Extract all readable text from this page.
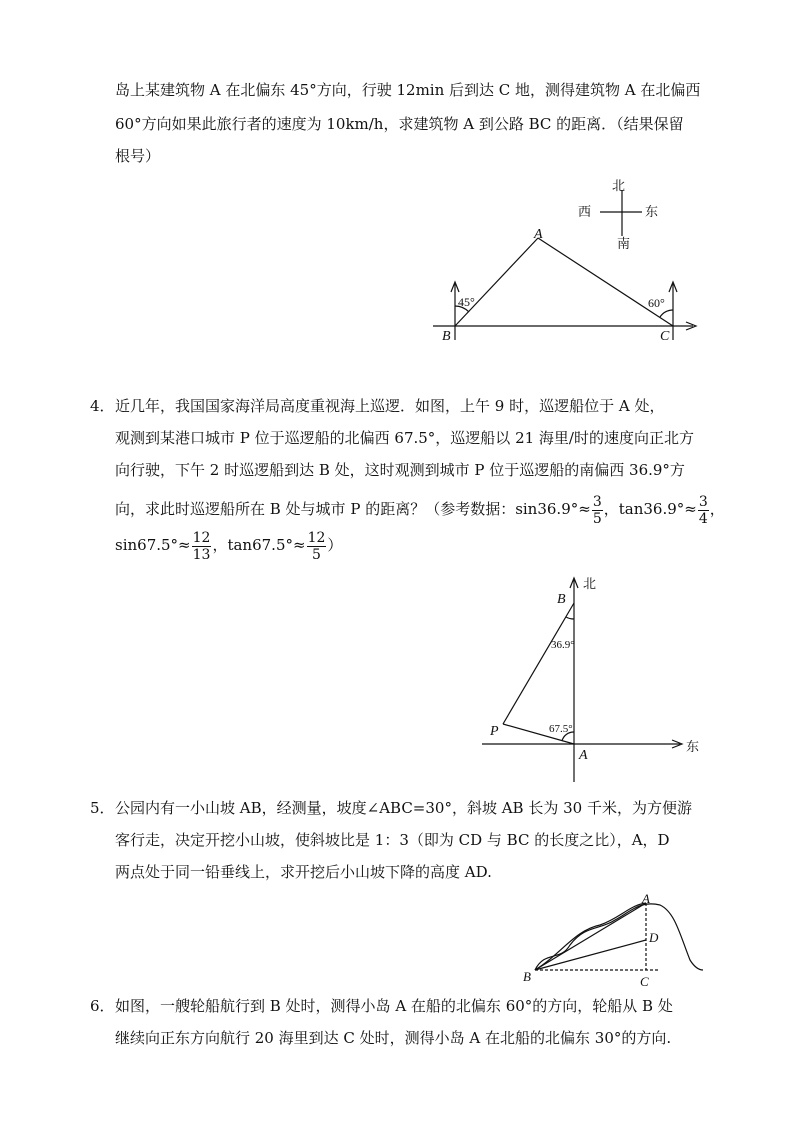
岛上某建筑物 A 在北偏东 45°方向，行驶 12min 后到达 C 地，测得建筑物 A 在北偏西
60°方向如果此旅行者的速度为 10km/h，求建筑物 A 到公路 BC 的距离．（结果保留
根号）
北
西	东
南
A
B	C
45°	60°
4． 近几年，我国国家海洋局高度重视海上巡逻．如图，上午 9 时，巡逻船位于 A 处，
观测到某港口城市 P 位于巡逻船的北偏西 67.5°，巡逻船以 21 海里/时的速度向正北方
向行驶，下午 2 时巡逻船到达 B 处，这时观测到城市 P 位于巡逻船的南偏西 36.9°方
向，求此时巡逻船所在 B 处与城市 P 的距离？（参考数据：$\sin 36.9^\circ\approx \frac{3}{5}$ ，$\tan 36.9^\circ\approx \frac{3}{4}$ ，
$\sin 67.5^\circ\approx \frac{12}{13}$ ，$\tan 67.5^\circ\approx \frac{12}{5}$ ）
北
东
B
P
A
36.9°
67.5°
5． 公园内有一小山坡 AB，经测量，坡度∠ABC=30°，斜坡 AB 长为 30 千米，为方便游
客行走，决定开挖小山坡，使斜坡比是 1：3（即为 CD 与 BC 的长度之比），A，D
两点处于同一铅垂线上，求开挖后小山坡下降的高度 AD.
A
B	C
D
6． 如图，一艘轮船航行到 B 处时，测得小岛 A 在船的北偏东 60°的方向，轮船从 B 处
继续向正东方向航行 20 海里到达 C 处时，测得小岛 A 在北船的北偏东 30°的方向.
